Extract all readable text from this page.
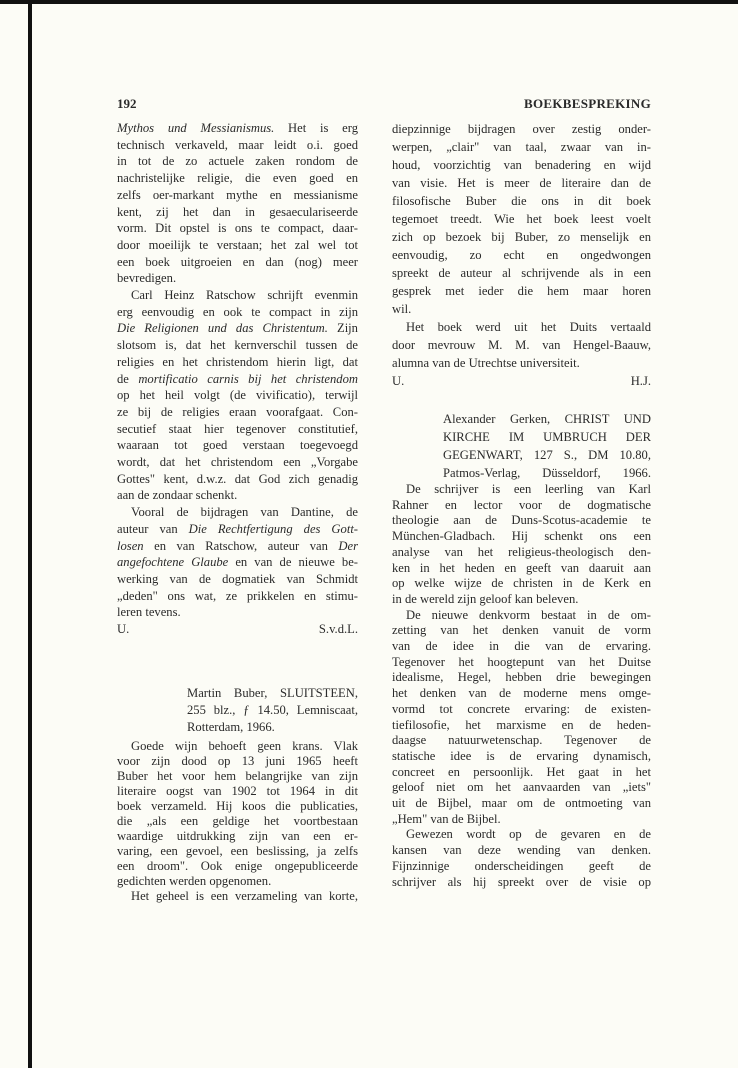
192	BOEKBESPREKING
Mythos und Messianismus. Het is erg
technisch verkaveld, maar leidt o.i. goed
in tot de zo actuele zaken rondom de
nachristelijke religie, die even goed en
zelfs oer-markant mythe en messianisme
kent, zij het dan in gesaeculariseerde
vorm. Dit opstel is ons te compact, daar-
door moeilijk te verstaan; het zal wel tot
een boek uitgroeien en dan (nog) meer
bevredigen.
Carl Heinz Ratschow schrijft evenmin
erg eenvoudig en ook te compact in zijn
Die Religionen und das Christentum. Zijn
slotsom is, dat het kernverschil tussen de
religies en het christendom hierin ligt, dat
de mortificatio carnis bij het christendom
op het heil volgt (de vivificatio), terwijl
ze bij de religies eraan voorafgaat. Con-
secutief staat hier tegenover constitutief,
waaraan tot goed verstaan toegevoegd
wordt, dat het christendom een „Vorgabe
Gottes" kent, d.w.z. dat God zich genadig
aan de zondaar schenkt.
Vooral de bijdragen van Dantine, de
auteur van Die Rechtfertigung des Gott-
losen en van Ratschow, auteur van Der
angefochtene Glaube en van de nieuwe be-
werking van de dogmatiek van Schmidt
„deden" ons wat, ze prikkelen en stimu-
leren tevens.
U.	S.v.d.L.
Martin Buber, SLUITSTEEN,
255 blz., ƒ 14.50, Lemniscaat,
Rotterdam, 1966.
Goede wijn behoeft geen krans. Vlak
voor zijn dood op 13 juni 1965 heeft
Buber het voor hem belangrijke van zijn
literaire oogst van 1902 tot 1964 in dit
boek verzameld. Hij koos die publicaties,
die „als een geldige het voortbestaan
waardige uitdrukking zijn van een er-
varing, een gevoel, een beslissing, ja zelfs
een droom". Ook enige ongepubliceerde
gedichten werden opgenomen.
Het geheel is een verzameling van korte,
diepzinnige bijdragen over zestig onder-
werpen, „clair" van taal, zwaar van in-
houd, voorzichtig van benadering en wijd
van visie. Het is meer de literaire dan de
filosofische Buber die ons in dit boek
tegemoet treedt. Wie het boek leest voelt
zich op bezoek bij Buber, zo menselijk en
eenvoudig, zo echt en ongedwongen
spreekt de auteur al schrijvende als in een
gesprek met ieder die hem maar horen
wil.
Het boek werd uit het Duits vertaald
door mevrouw M. M. van Hengel-Baauw,
alumna van de Utrechtse universiteit.
U.	H.J.
Alexander Gerken, CHRIST UND
KIRCHE IM UMBRUCH DER
GEGENWART, 127 S., DM 10.80,
Patmos-Verlag, Düsseldorf, 1966.
De schrijver is een leerling van Karl
Rahner en lector voor de dogmatische
theologie aan de Duns-Scotus-academie te
München-Gladbach. Hij schenkt ons een
analyse van het religieus-theologisch den-
ken in het heden en geeft van daaruit aan
op welke wijze de christen in de Kerk en
in de wereld zijn geloof kan beleven.
De nieuwe denkvorm bestaat in de om-
zetting van het denken vanuit de vorm
van de idee in die van de ervaring.
Tegenover het hoogtepunt van het Duitse
idealisme, Hegel, hebben drie bewegingen
het denken van de moderne mens omge-
vormd tot concrete ervaring: de existen-
tiefilosofie, het marxisme en de heden-
daagse natuurwetenschap. Tegenover de
statische idee is de ervaring dynamisch,
concreet en persoonlijk. Het gaat in het
geloof niet om het aanvaarden van „iets"
uit de Bijbel, maar om de ontmoeting van
„Hem" van de Bijbel.
Gewezen wordt op de gevaren en de
kansen van deze wending van denken.
Fijnzinnige onderscheidingen geeft de
schrijver als hij spreekt over de visie op
